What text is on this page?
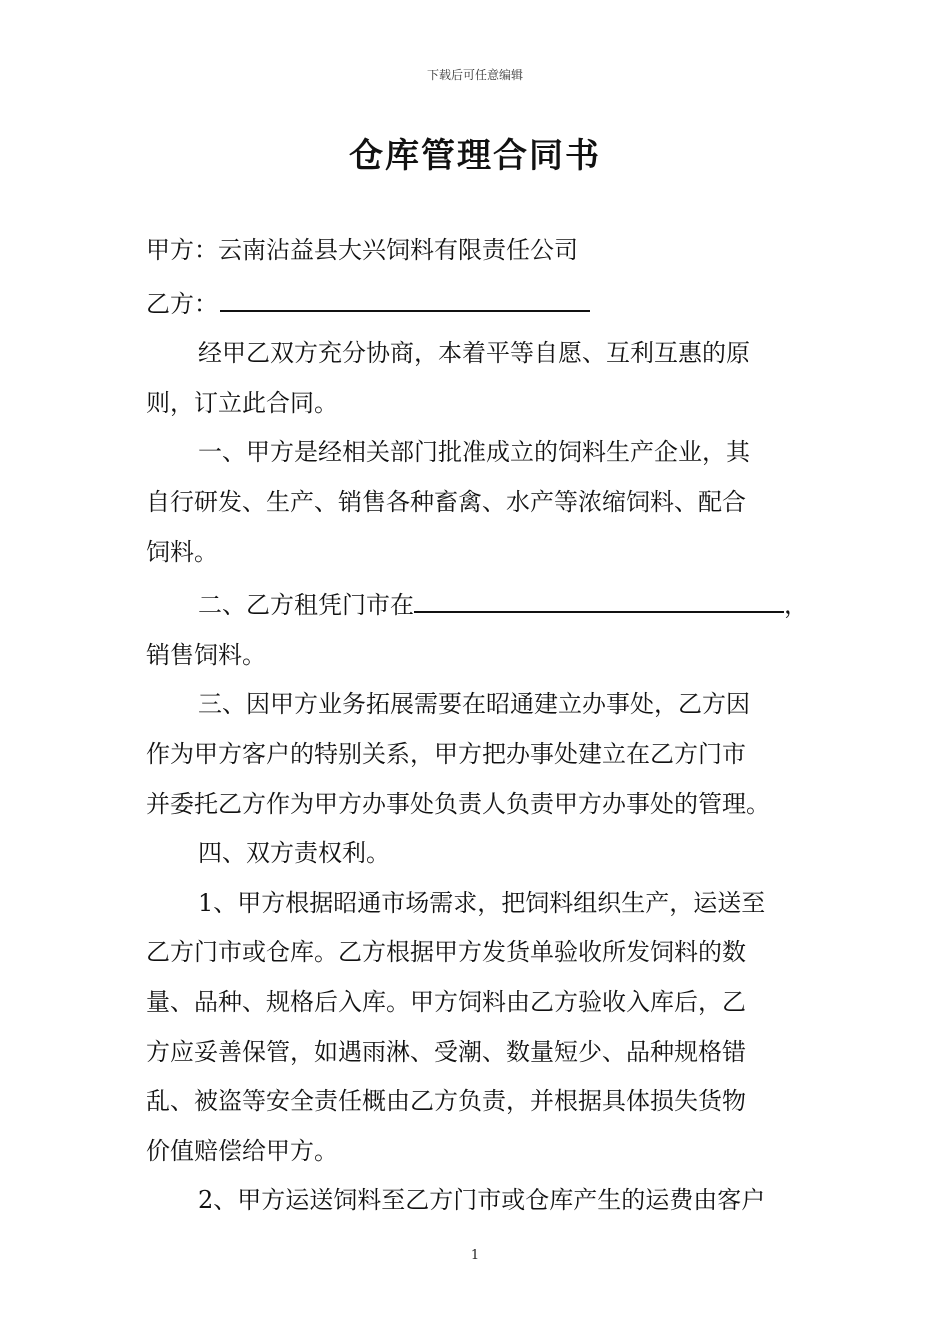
下载后可任意编辑
仓库管理合同书
甲方：云南沾益县大兴饲料有限责任公司
乙方：
经甲乙双方充分协商，本着平等自愿、互利互惠的原
则，订立此合同。
一、甲方是经相关部门批准成立的饲料生产企业，其
自行研发、生产、销售各种畜禽、水产等浓缩饲料、配合
饲料。
二、乙方租凭门市在	，
销售饲料。
三、因甲方业务拓展需要在昭通建立办事处，乙方因
作为甲方客户的特别关系，甲方把办事处建立在乙方门市
并委托乙方作为甲方办事处负责人负责甲方办事处的管理。
四、双方责权利。
1、甲方根据昭通市场需求，把饲料组织生产，运送至
乙方门市或仓库。乙方根据甲方发货单验收所发饲料的数
量、品种、规格后入库。甲方饲料由乙方验收入库后，乙
方应妥善保管，如遇雨淋、受潮、数量短少、品种规格错
乱、被盗等安全责任概由乙方负责，并根据具体损失货物
价值赔偿给甲方。
2、甲方运送饲料至乙方门市或仓库产生的运费由客户
1
